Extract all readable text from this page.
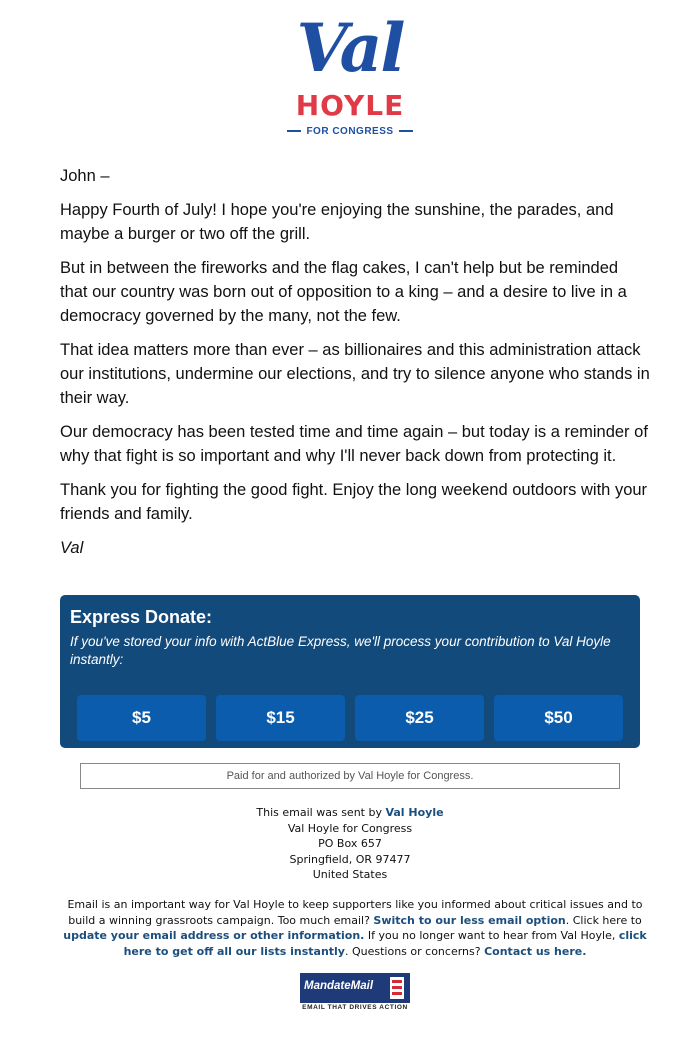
Val
HOYLE
FOR CONGRESS

John –

Happy Fourth of July! I hope you're enjoying the sunshine, the parades, and maybe a burger or two off the grill.

But in between the fireworks and the flag cakes, I can't help but be reminded that our country was born out of opposition to a king – and a desire to live in a democracy governed by the many, not the few.

That idea matters more than ever – as billionaires and this administration attack our institutions, undermine our elections, and try to silence anyone who stands in their way.

Our democracy has been tested time and time again – but today is a reminder of why that fight is so important and why I'll never back down from protecting it.

Thank you for fighting the good fight. Enjoy the long weekend outdoors with your friends and family.

Val

Express Donate:
If you've stored your info with ActBlue Express, we'll process your contribution to Val Hoyle instantly:
$5	$15	$25	$50
Paid for and authorized by Val Hoyle for Congress.
This email was sent by Val Hoyle
Val Hoyle for Congress
PO Box 657
Springfield, OR 97477
United States
Email is an important way for Val Hoyle to keep supporters like you informed about critical issues and to build a winning grassroots campaign. Too much email? Switch to our less email option. Click here to update your email address or other information. If you no longer want to hear from Val Hoyle, click here to get off all our lists instantly. Questions or concerns? Contact us here.
MandateMail
EMAIL THAT DRIVES ACTION
